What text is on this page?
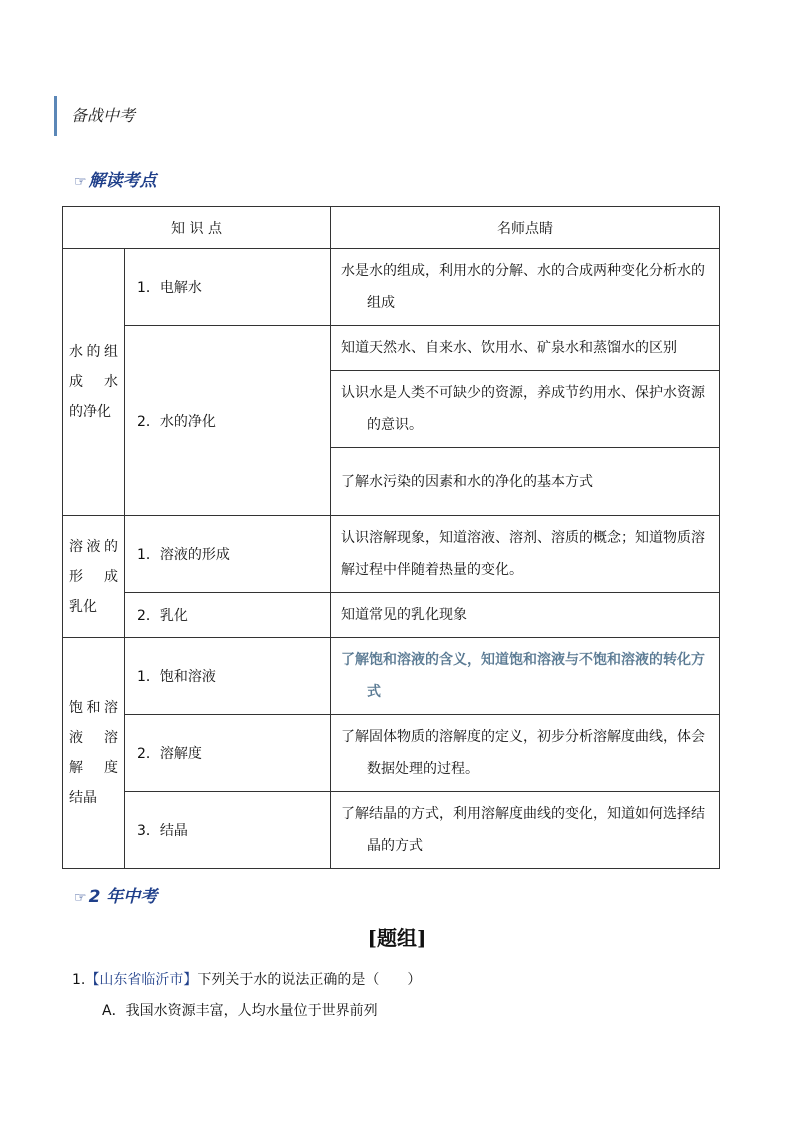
备战中考
☞ 解读考点
知 识 点		名师点睛

水的组
成 水
的净化	1．电解水	水是水的组成，利用水的分解、水的合成两种变化分析水的
组成

	2．水的净化	知道天然水、自来水、饮用水、矿泉水和蒸馏水的区别

		认识水是人类不可缺少的资源，养成节约用水、保护水资源
的意识。

		了解水污染的因素和水的净化的基本方式

溶液的
形 成
乳化	1．溶液的形成	认识溶解现象，知道溶液、溶剂、溶质的概念；知道物质溶
解过程中伴随着热量的变化。

	2．乳化	知道常见的乳化现象

饱和溶
液 溶
解 度
结晶	1．饱和溶液	了解饱和溶液的含义，知道饱和溶液与不饱和溶液的转化方
式

	2．溶解度	了解固体物质的溶解度的定义，初步分析溶解度曲线，体会
数据处理的过程。

	3．结晶	了解结晶的方式，利用溶解度曲线的变化，知道如何选择结
晶的方式
☞ 2 年中考
[题组]
1.【山东省临沂市】下列关于水的说法正确的是（　　）
A．我国水资源丰富，人均水量位于世界前列
